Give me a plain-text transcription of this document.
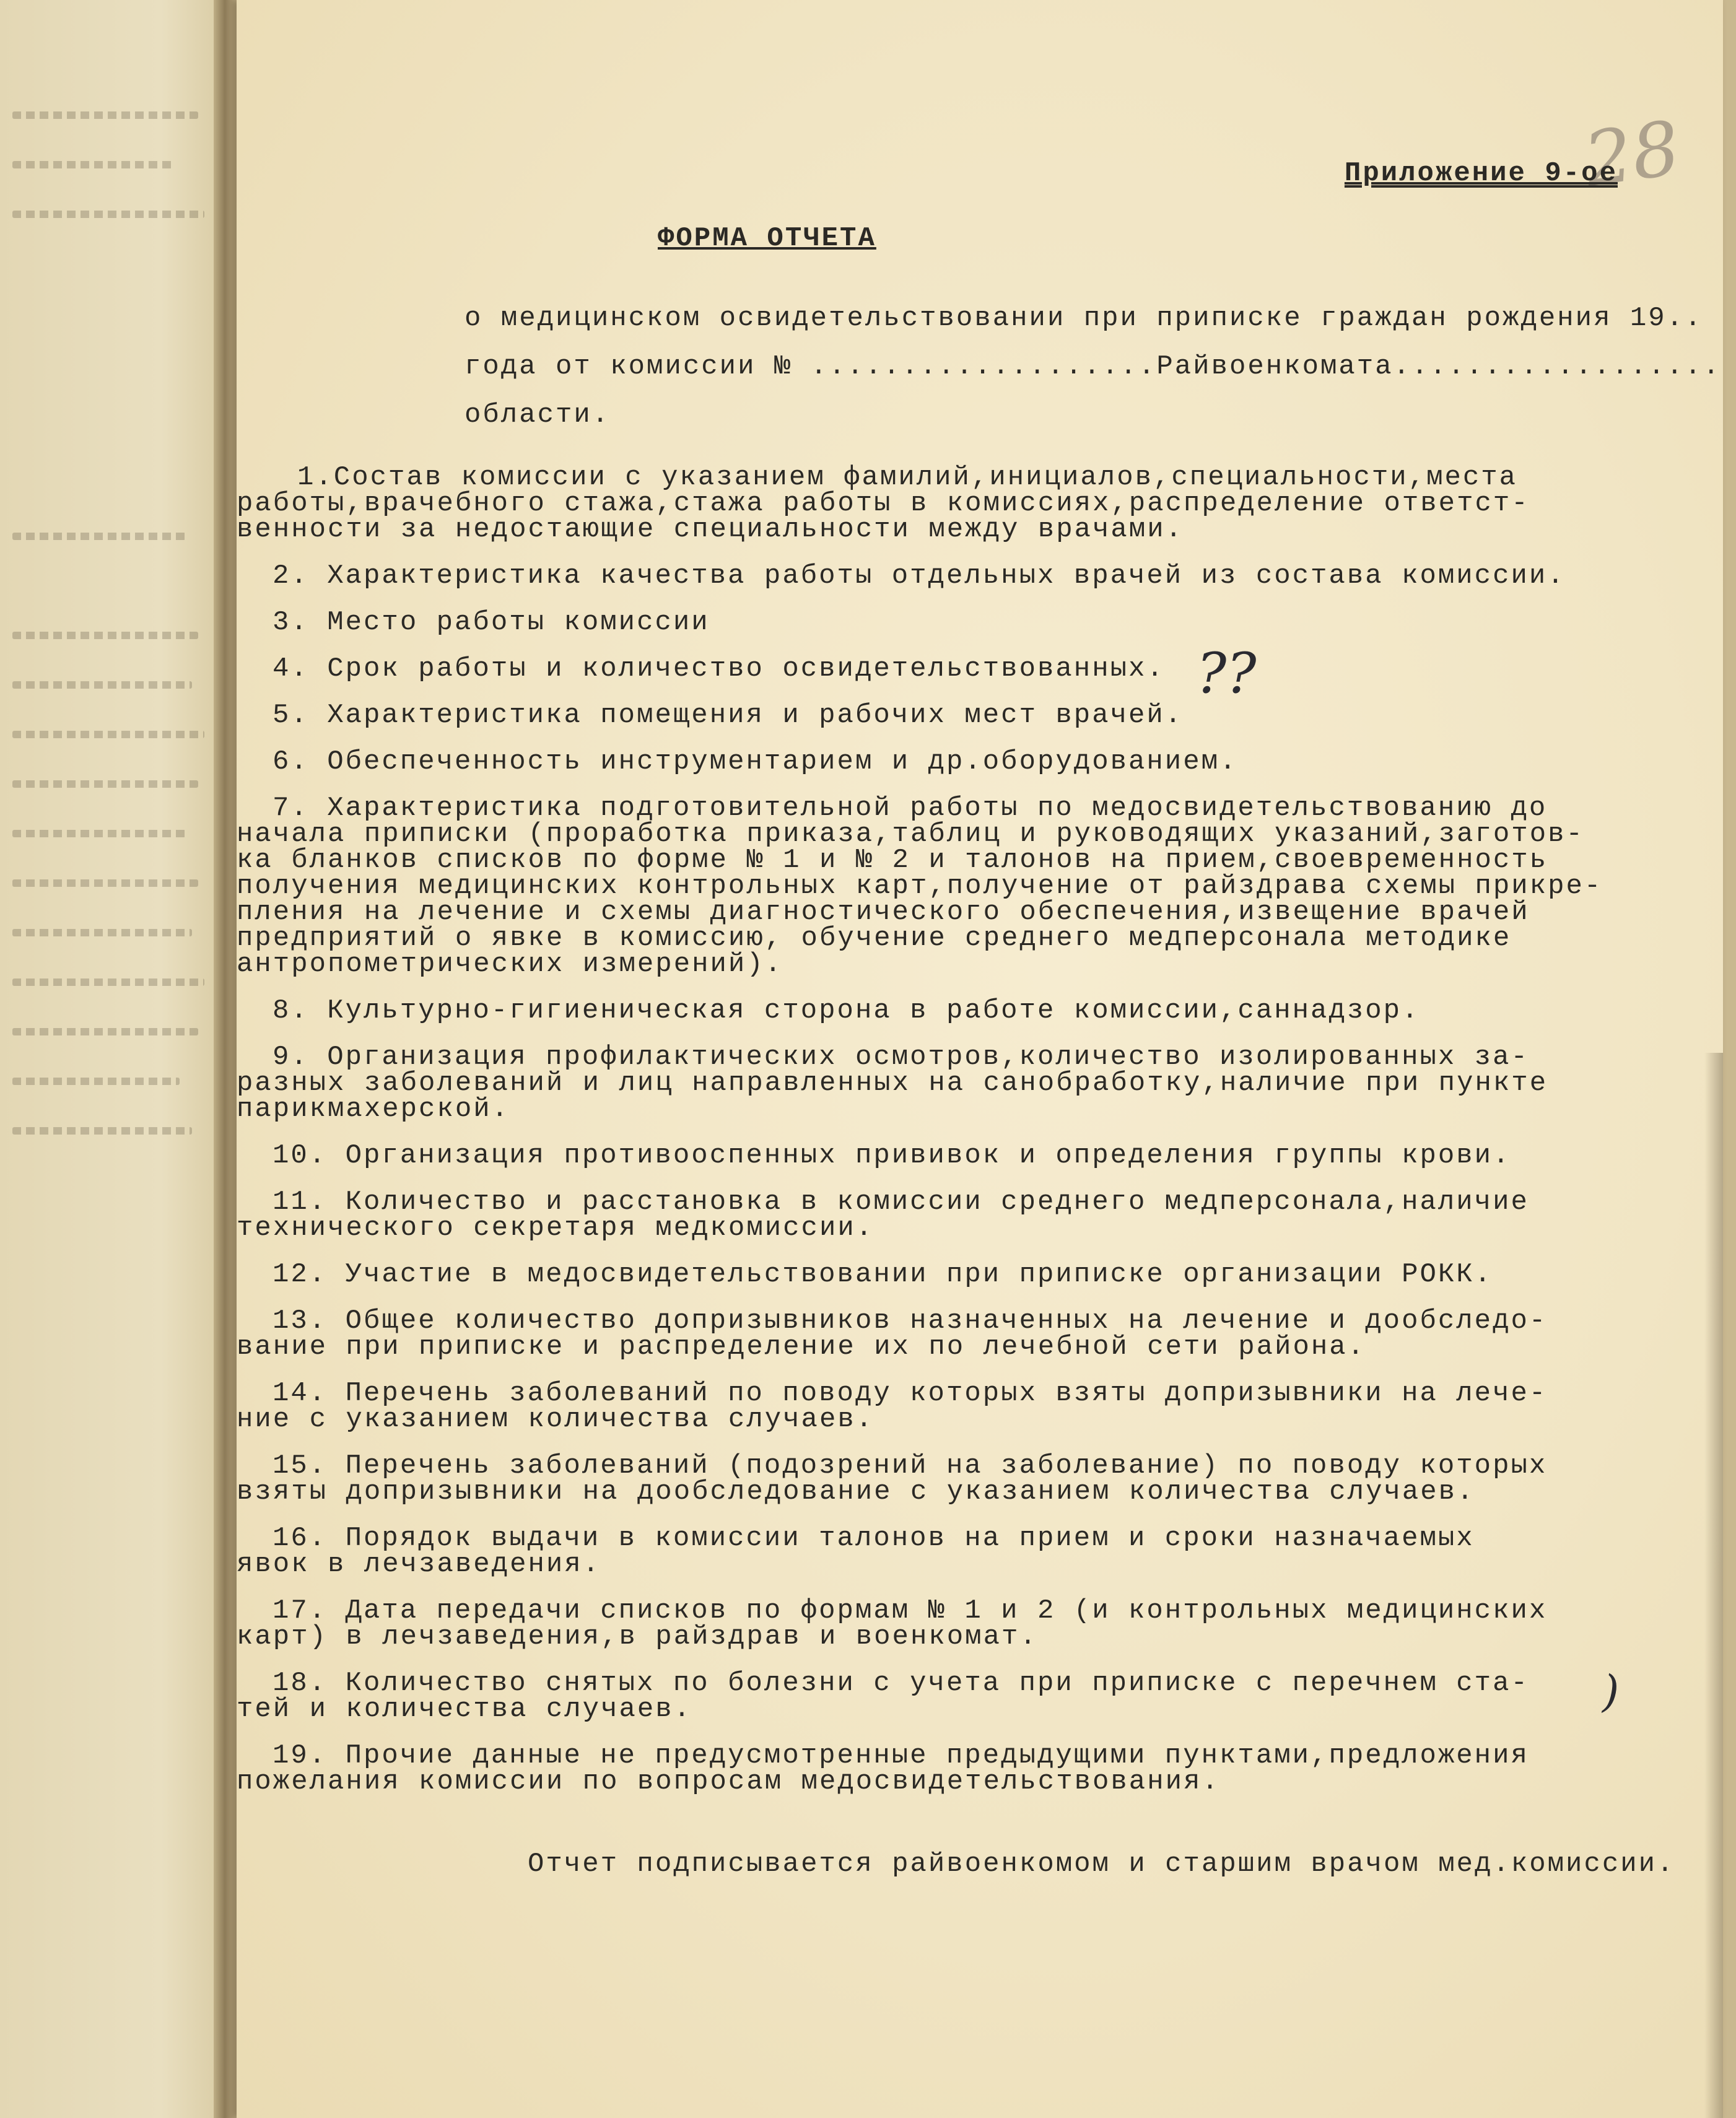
28

Приложение 9-ое

ФОРМА ОТЧЕТА

о медицинском освидетельствовании при приписке граждан рождения 19..

года от комиссии № ...................Райвоенкомата..................

области.

1.Состав комиссии с указанием фамилий,инициалов,специальности,места

работы,врачебного стажа,стажа работы в комиссиях,распределение ответст-

венности за недостающие специальности между врачами.

2. Характеристика качества работы отдельных врачей из состава комиссии.

3. Место работы комиссии

4. Срок работы и количество освидетельствованных.

5. Характеристика помещения и рабочих мест врачей.

6. Обеспеченность инструментарием и др.оборудованием.

7. Характеристика подготовительной работы по медосвидетельствованию до

начала приписки (проработка приказа,таблиц и руководящих указаний,заготов-

ка бланков списков по форме № 1 и № 2 и талонов на прием,своевременность

получения медицинских контрольных карт,получение от райздрава схемы прикре-

пления на лечение и схемы диагностического обеспечения,извещение врачей

предприятий о явке в комиссию, обучение среднего медперсонала методике

антропометрических измерений).

8. Культурно-гигиеническая сторона в работе комиссии,саннадзор.

9. Организация профилактических осмотров,количество изолированных за-

разных заболеваний и лиц направленных на санобработку,наличие при пункте

парикмахерской.

10. Организация противооспенных прививок и определения группы крови.

11. Количество и расстановка в комиссии среднего медперсонала,наличие

технического секретаря медкомиссии.

12. Участие в медосвидетельствовании при приписке организации РОКК.

13. Общее количество допризывников назначенных на лечение и дообследо-

вание при приписке и распределение их по лечебной сети района.

14. Перечень заболеваний по поводу которых взяты допризывники на лече-

ние с указанием количества случаев.

15. Перечень заболеваний (подозрений на заболевание) по поводу которых

взяты допризывники на дообследование с указанием количества случаев.

16. Порядок выдачи в комиссии талонов на прием и сроки назначаемых

явок в лечзаведения.

17. Дата передачи списков по формам № 1 и 2 (и контрольных медицинских

карт) в лечзаведения,в райздрав и военкомат.

18. Количество снятых по болезни с учета при приписке с перечнем ста-

тей и количества случаев.

19. Прочие данные не предусмотренные предыдущими пунктами,предложения

пожелания комиссии по вопросам медосвидетельствования.

??

)

Отчет подписывается райвоенкомом и старшим врачом мед.комиссии.
